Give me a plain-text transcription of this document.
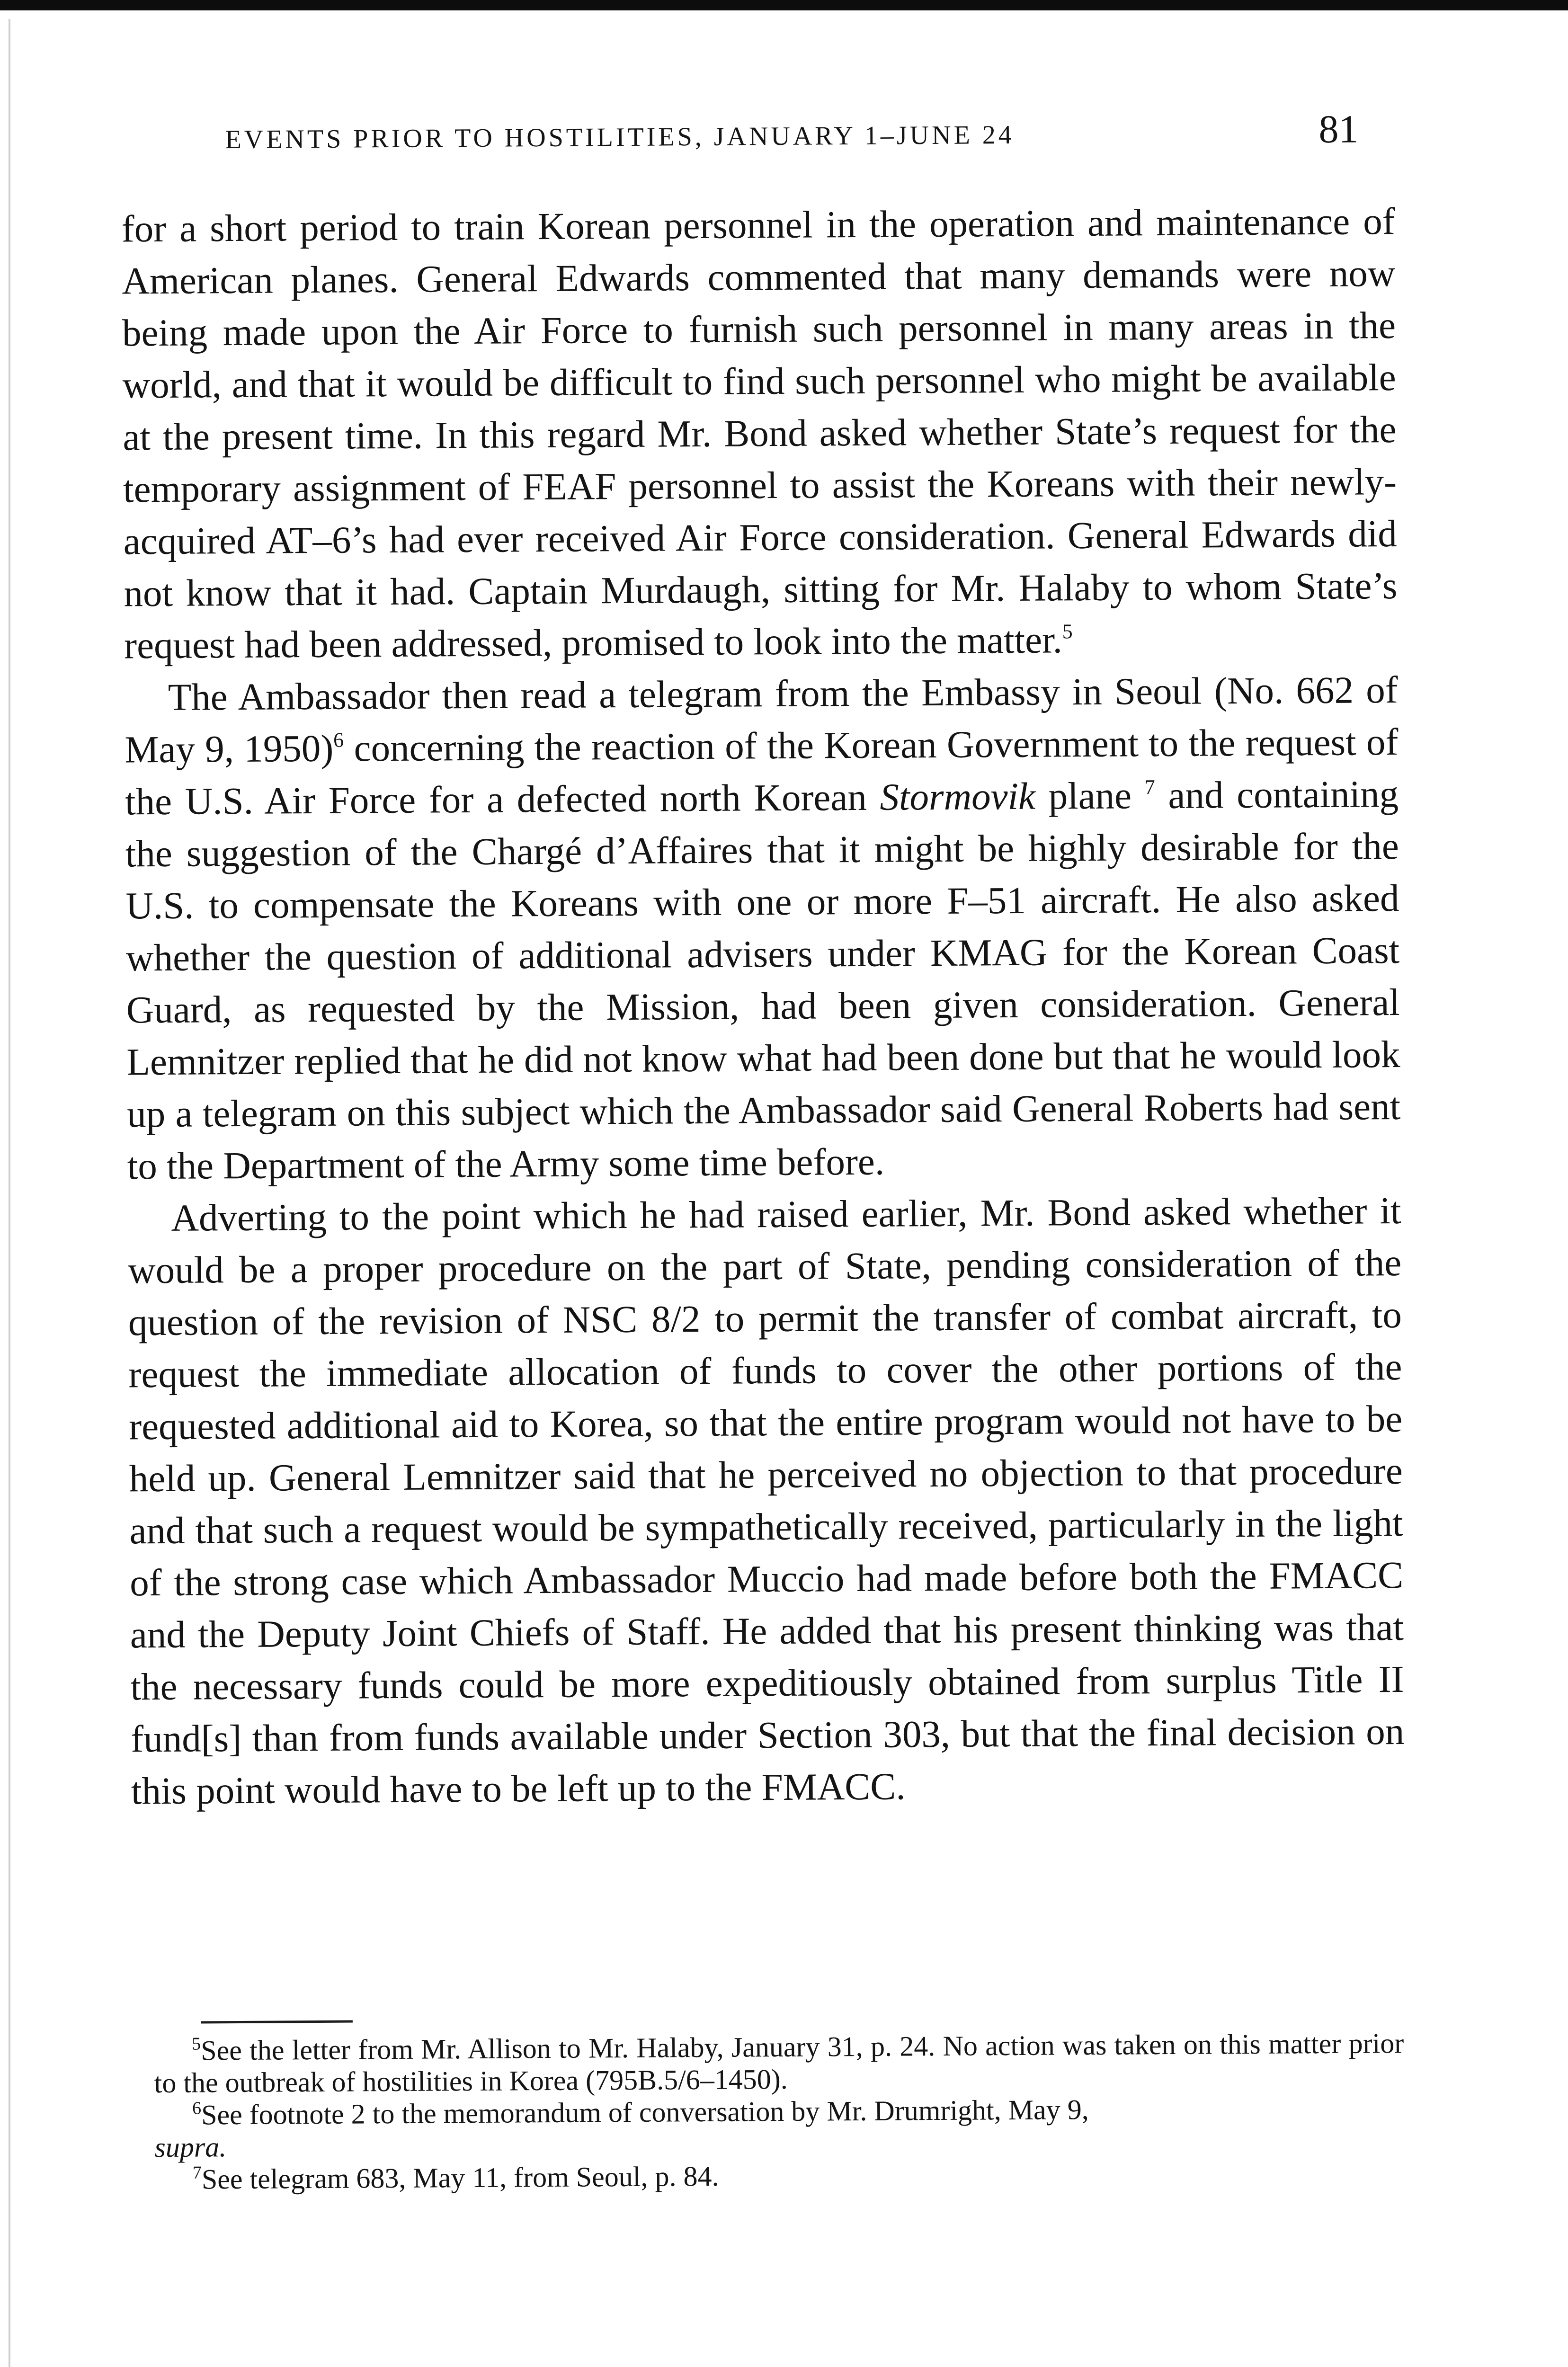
EVENTS PRIOR TO HOSTILITIES, JANUARY 1–JUNE 24	81

for a short period to train Korean personnel in the operation and maintenance of American planes. General Edwards commented that many demands were now being made upon the Air Force to furnish such personnel in many areas in the world, and that it would be difficult to find such personnel who might be available at the present time. In this regard Mr. Bond asked whether State’s request for the temporary assignment of FEAF personnel to assist the Koreans with their newly-acquired AT–6’s had ever received Air Force consideration. General Edwards did not know that it had. Captain Murdaugh, sitting for Mr. Halaby to whom State’s request had been addressed, promised to look into the matter.$^5$

The Ambassador then read a telegram from the Embassy in Seoul (No. 662 of May 9, 1950)$^6$ concerning the reaction of the Korean Government to the request of the U.S. Air Force for a defected north Korean Stormovik plane $^7$ and containing the suggestion of the Chargé d’Affaires that it might be highly desirable for the U.S. to compensate the Koreans with one or more F–51 aircraft. He also asked whether the question of additional advisers under KMAG for the Korean Coast Guard, as requested by the Mission, had been given consideration. General Lemnitzer replied that he did not know what had been done but that he would look up a telegram on this subject which the Ambassador said General Roberts had sent to the Department of the Army some time before.

Adverting to the point which he had raised earlier, Mr. Bond asked whether it would be a proper procedure on the part of State, pending consideration of the question of the revision of NSC 8/2 to permit the transfer of combat aircraft, to request the immediate allocation of funds to cover the other portions of the requested additional aid to Korea, so that the entire program would not have to be held up. General Lemnitzer said that he perceived no objection to that procedure and that such a request would be sympathetically received, particularly in the light of the strong case which Ambassador Muccio had made before both the FMACC and the Deputy Joint Chiefs of Staff. He added that his present thinking was that the necessary funds could be more expeditiously obtained from surplus Title II fund[s] than from funds available under Section 303, but that the final decision on this point would have to be left up to the FMACC.

$^5$See the letter from Mr. Allison to Mr. Halaby, January 31, p. 24. No action was taken on this matter prior to the outbreak of hostilities in Korea (795B.5/6–1450).

$^6$See footnote 2 to the memorandum of conversation by Mr. Drumright, May 9,
supra.

$^7$See telegram 683, May 11, from Seoul, p. 84.
